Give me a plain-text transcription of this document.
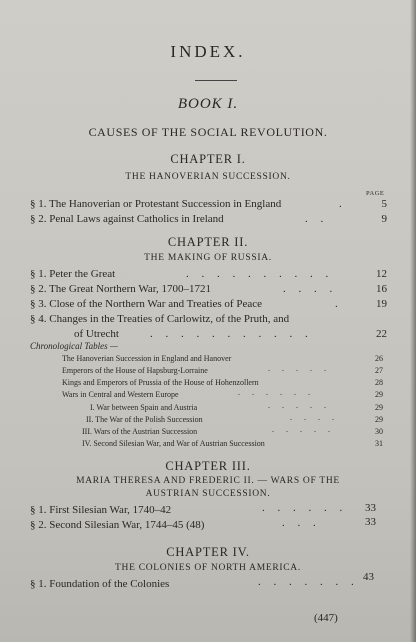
INDEX.
BOOK I.
CAUSES OF THE SOCIAL REVOLUTION.
CHAPTER I.
THE HANOVERIAN SUCCESSION.
PAGE
§ 1. The Hanoverian or Protestant Succession in England	.	5
§ 2. Penal Laws against Catholics in Ireland	. .	9
CHAPTER II.
THE MAKING OF RUSSIA.
§ 1. Peter the Great	. . . . . . . . . .	12
§ 2. The Great Northern War, 1700–1721	. . . .	16
§ 3. Close of the Northern War and Treaties of Peace	.	19
§ 4. Changes in the Treaties of Carlowitz, of the Pruth, and
of Utrecht	. . . . . . . . . . .	22
Chronological Tables —
The Hanoverian Succession in England and Hanover	26
Emperors of the House of Hapsburg-Lorraine	. . . . .	27
Kings and Emperors of Prussia of the House of Hohenzollern	28
Wars in Central and Western Europe	. . . . . .	29
I. War between Spain and Austria	. . . . .	29
II. The War of the Polish Succession	. . . .	29
III. Wars of the Austrian Succession	. . . . .	30
IV. Second Silesian War, and War of Austrian Succession	31
CHAPTER III.
MARIA THERESA AND FREDERIC II. — WARS OF THE
AUSTRIAN SUCCESSION.
§ 1. First Silesian War, 1740–42	. . . . . .	33
§ 2. Second Silesian War, 1744–45 (48)	. . .	33
CHAPTER IV.
THE COLONIES OF NORTH AMERICA.
§ 1. Foundation of the Colonies	. . . . . . . 43
(447)
